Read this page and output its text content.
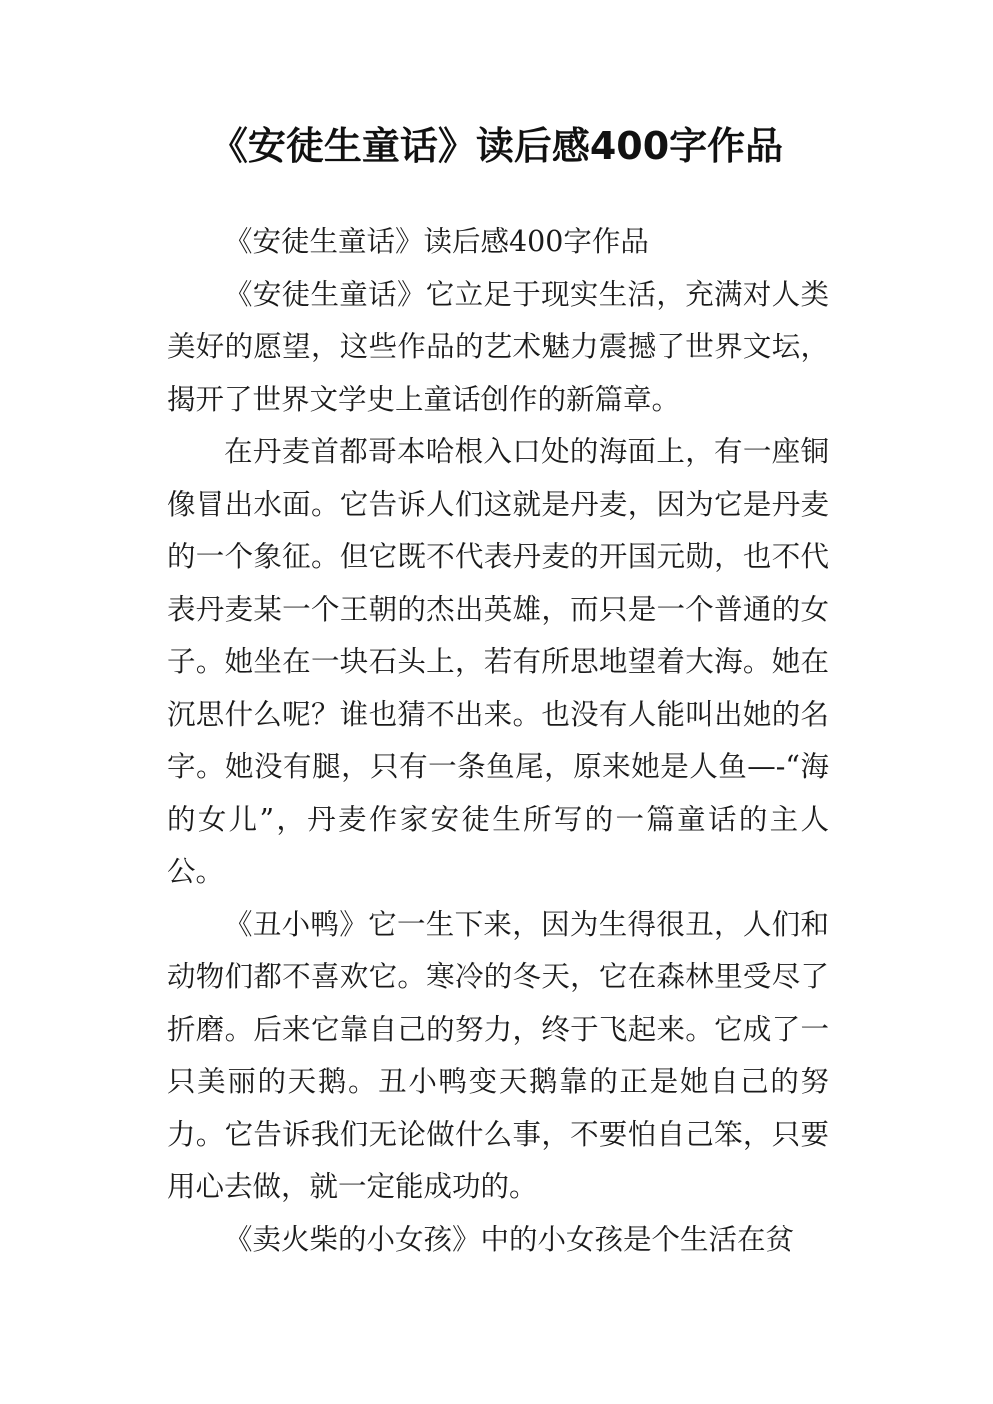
《安徒生童话》读后感400字作品

《安徒生童话》读后感400字作品

《安徒生童话》它立足于现实生活，充满对人类美好的愿望，这些作品的艺术魅力震撼了世界文坛，揭开了世界文学史上童话创作的新篇章。

在丹麦首都哥本哈根入口处的海面上，有一座铜像冒出水面。它告诉人们这就是丹麦，因为它是丹麦的一个象征。但它既不代表丹麦的开国元勋，也不代表丹麦某一个王朝的杰出英雄，而只是一个普通的女子。她坐在一块石头上，若有所思地望着大海。她在沉思什么呢？谁也猜不出来。也没有人能叫出她的名字。她没有腿，只有一条鱼尾，原来她是人鱼—-“海的女儿”，丹麦作家安徒生所写的一篇童话的主人公。

《丑小鸭》它一生下来，因为生得很丑，人们和动物们都不喜欢它。寒冷的冬天，它在森林里受尽了折磨。后来它靠自己的努力，终于飞起来。它成了一只美丽的天鹅。丑小鸭变天鹅靠的正是她自己的努力。它告诉我们无论做什么事，不要怕自己笨，只要用心去做，就一定能成功的。

《卖火柴的小女孩》中的小女孩是个生活在贫
